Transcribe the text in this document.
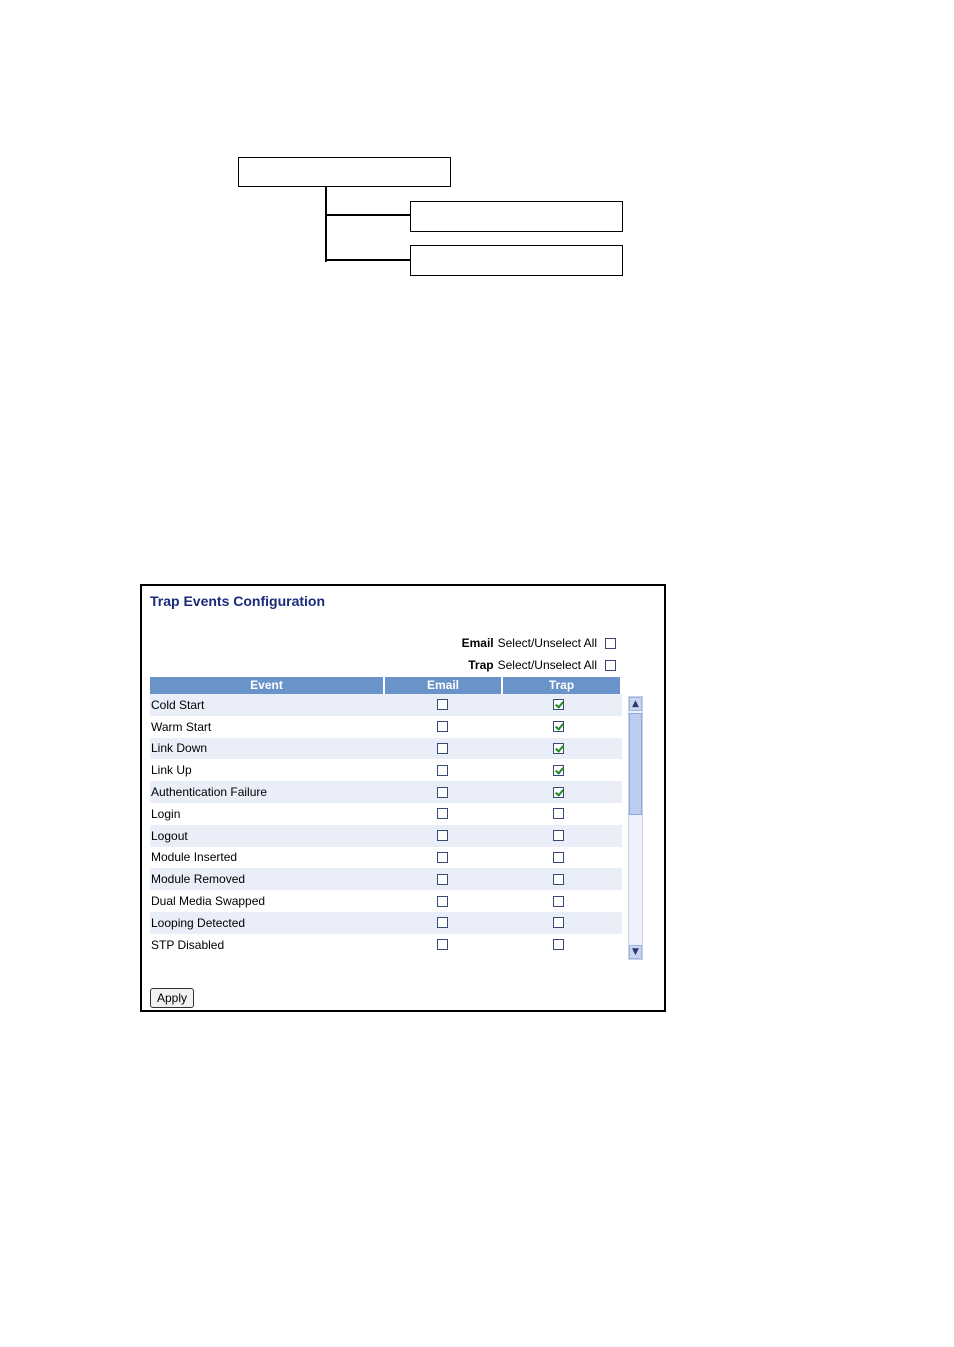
Trap Events Configuration
Email Select/Unselect All
Trap Select/Unselect All
Event	Email	Trap
Cold Start
Warm Start
Link Down
Link Up
Authentication Failure
Login
Logout
Module Inserted
Module Removed
Dual Media Swapped
Looping Detected
STP Disabled
▲
▼
Apply
